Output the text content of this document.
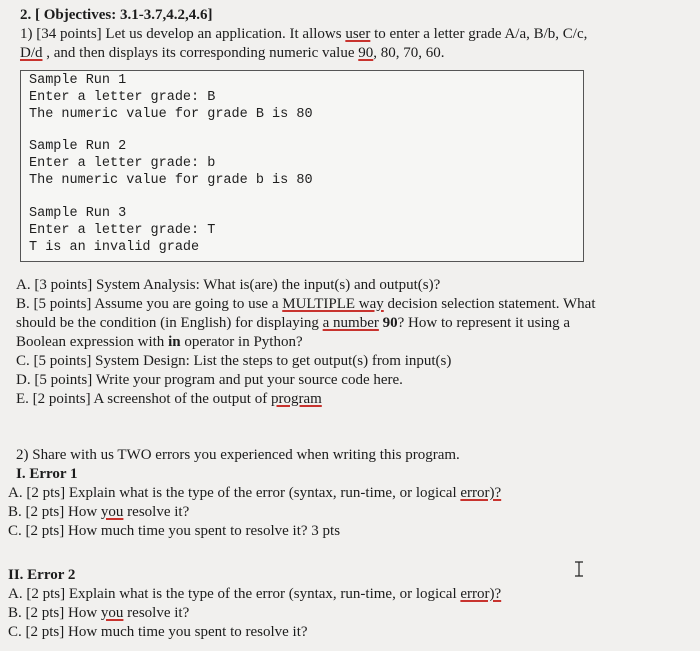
2. [ Objectives: 3.1-3.7,4.2,4.6]
1) [34 points] Let us develop an application. It allows user to enter a letter grade A/a, B/b, C/c,
D/d , and then displays its corresponding numeric value 90, 80, 70, 60.
Sample Run 1
Enter a letter grade: B
The numeric value for grade B is 80
Sample Run 2
Enter a letter grade: b
The numeric value for grade b is 80
Sample Run 3
Enter a letter grade: T
T is an invalid grade
A. [3 points] System Analysis: What is(are) the input(s) and output(s)?
B. [5 points] Assume you are going to use a MULTIPLE way decision selection statement. What
should be the condition (in English) for displaying a number 90? How to represent it using a
Boolean expression with in operator in Python?
C. [5 points] System Design: List the steps to get output(s) from input(s)
D. [5 points] Write your program and put your source code here.
E. [2 points] A screenshot of the output of program
2) Share with us TWO errors you experienced when writing this program.
I. Error 1
A. [2 pts] Explain what is the type of the error (syntax, run-time, or logical error)?
B. [2 pts] How you resolve it?
C. [2 pts] How much time you spent to resolve it? 3 pts
II. Error 2
A. [2 pts] Explain what is the type of the error (syntax, run-time, or logical error)?
B. [2 pts] How you resolve it?
C. [2 pts] How much time you spent to resolve it?
